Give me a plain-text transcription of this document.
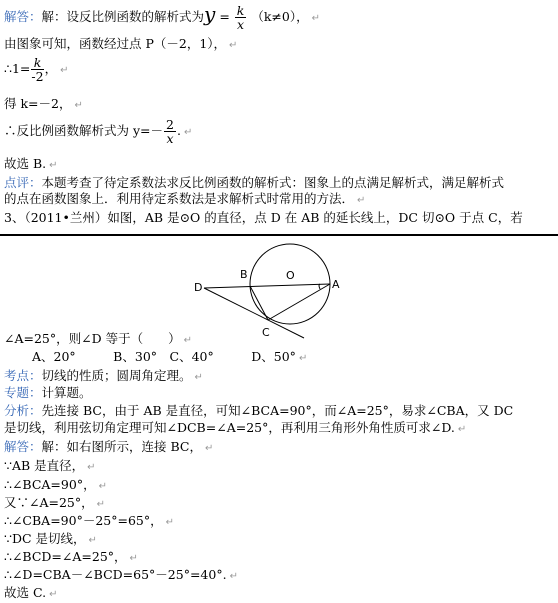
解答：解：设反比例函数的解析式为$y = \frac{k}{x} (k\ne 0)$， ↵
由图象可知，函数经过点 P（－2，1）， ↵
∴1= $\frac{k}{-2}$ ， ↵
得 k=－2， ↵
∴反比例函数解析式为 $y=- \frac{2}{x}$ . ↵
故选 B. ↵
点评：本题考查了待定系数法求反比例函数的解析式：图象上的点满足解析式，满足解析式
的点在函数图象上．利用待定系数法是求解析式时常用的方法． ↵
3、（2011•兰州）如图，AB 是⊙O 的直径，点 D 在 AB 的延长线上，DC 切⊙O 于点 C，若
D
B	O
A
C
∠A=25°，则∠D 等于（　　） ↵
A、20°　　　B、30°　C、40°　　　D、50° ↵
考点：切线的性质；圆周角定理。 ↵
专题：计算题。
分析：先连接 BC，由于 AB 是直径，可知∠BCA=90°，而∠A=25°，易求∠CBA，又 DC
是切线，利用弦切角定理可知∠DCB=∠A=25°，再利用三角形外角性质可求∠D. ↵
解答：解：如右图所示，连接 BC， ↵
∵AB 是直径， ↵
∴∠BCA=90°， ↵
又∵∠A=25°， ↵
∴∠CBA=90°－25°=65°， ↵
∵DC 是切线， ↵
∴∠BCD=∠A=25°， ↵
∴∠D=CBA－∠BCD=65°－25°=40°. ↵
故选 C. ↵
